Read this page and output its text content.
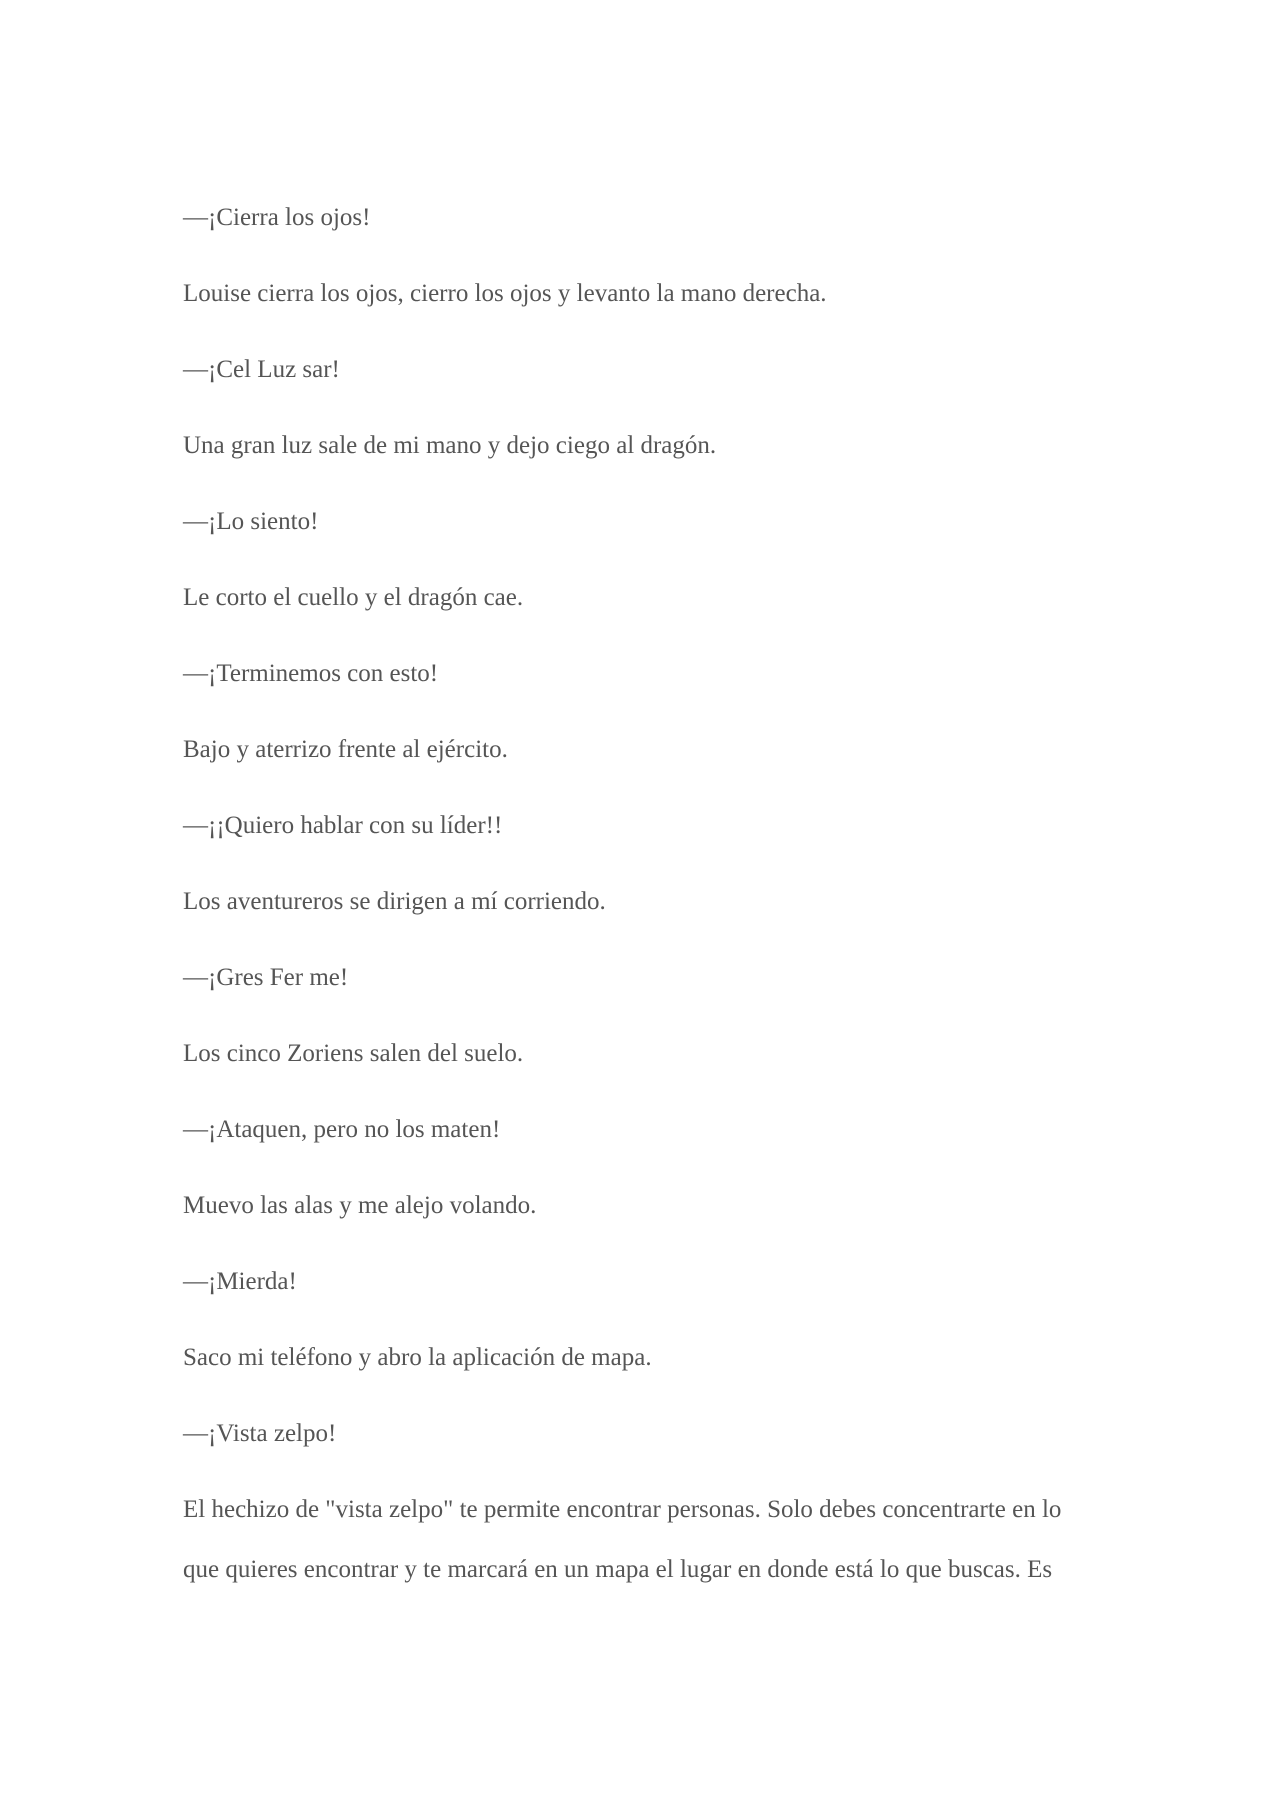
—¡Cierra los ojos!

Louise cierra los ojos, cierro los ojos y levanto la mano derecha.

—¡Cel Luz sar!

Una gran luz sale de mi mano y dejo ciego al dragón.

—¡Lo siento!

Le corto el cuello y el dragón cae.

—¡Terminemos con esto!

Bajo y aterrizo frente al ejército.

—¡¡Quiero hablar con su líder!!

Los aventureros se dirigen a mí corriendo.

—¡Gres Fer me!

Los cinco Zoriens salen del suelo.

—¡Ataquen, pero no los maten!

Muevo las alas y me alejo volando.

—¡Mierda!

Saco mi teléfono y abro la aplicación de mapa.

—¡Vista zelpo!

El hechizo de "vista zelpo" te permite encontrar personas. Solo debes concentrarte en lo que quieres encontrar y te marcará en un mapa el lugar en donde está lo que buscas. Es
